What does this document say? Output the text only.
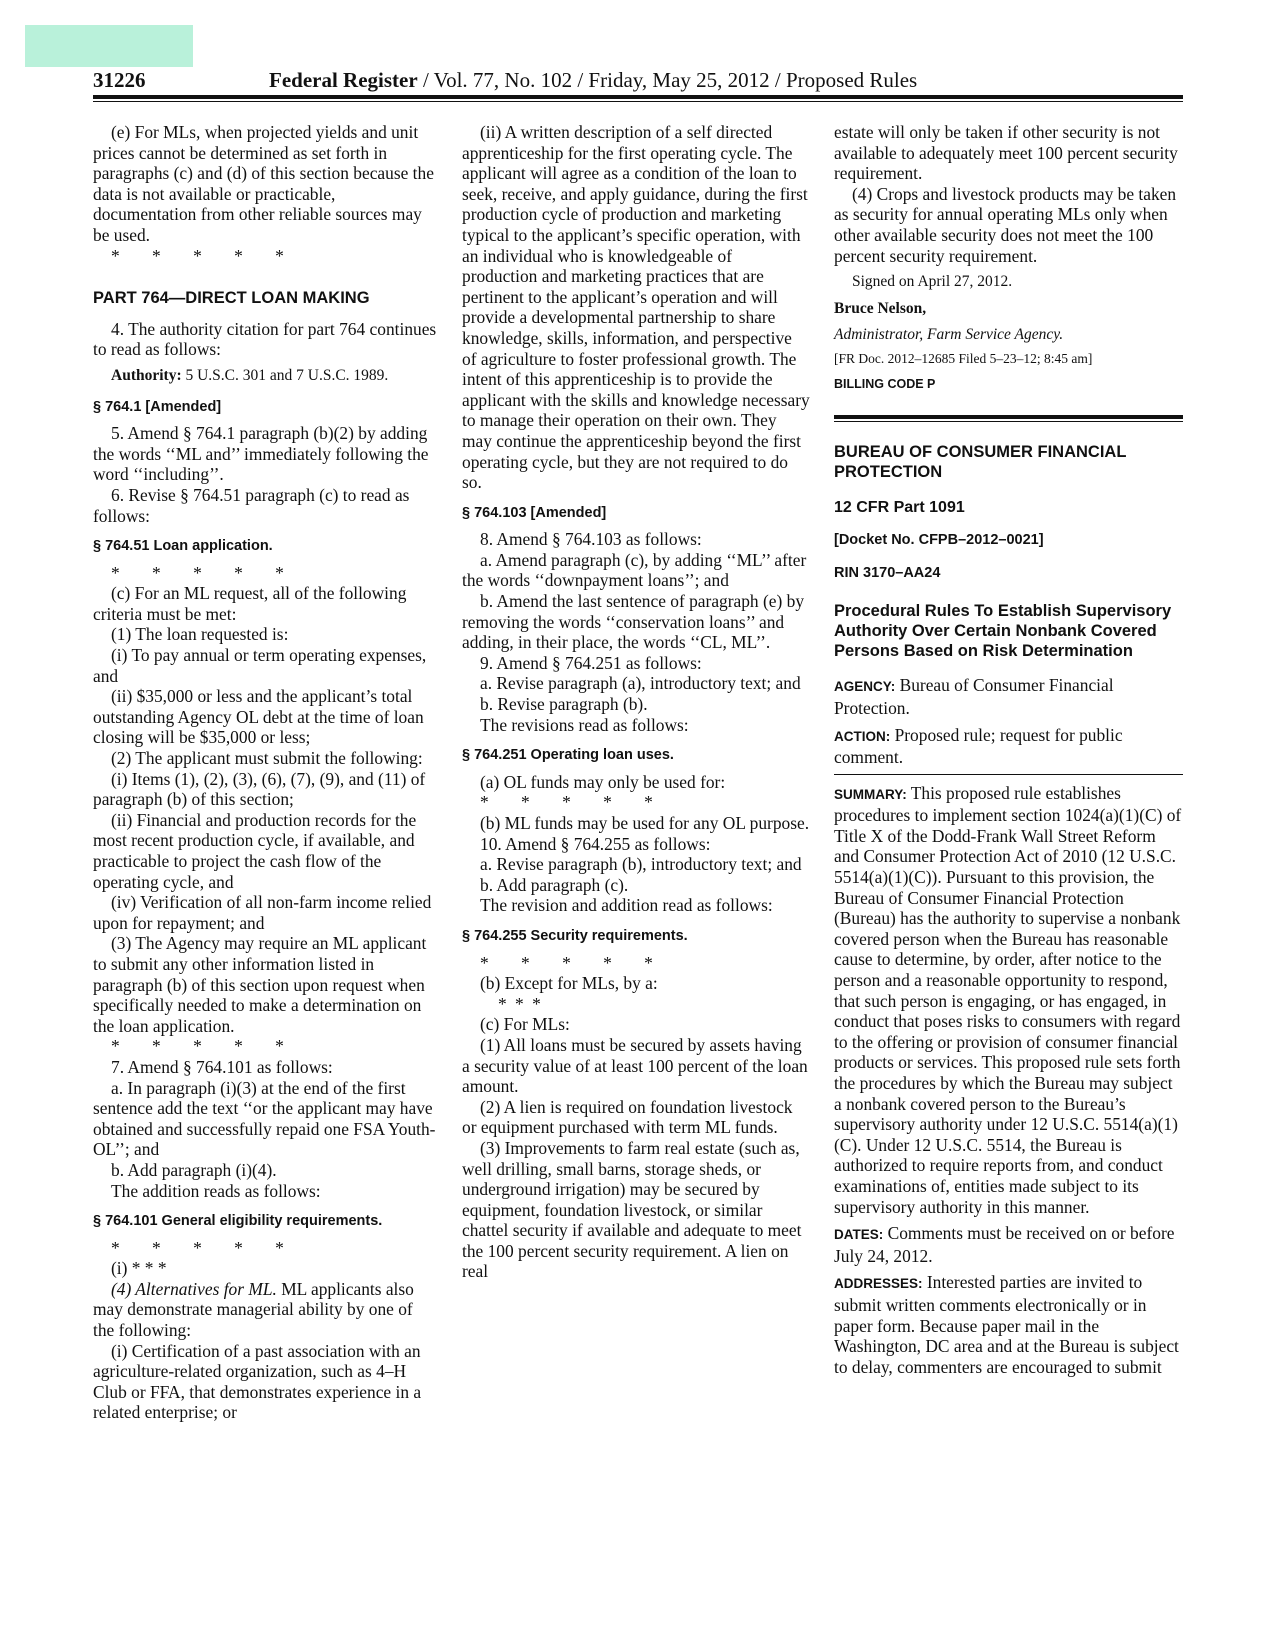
31226	Federal Register / Vol. 77, No. 102 / Friday, May 25, 2012 / Proposed Rules

(e) For MLs, when projected yields and unit prices cannot be determined as set forth in paragraphs (c) and (d) of this section because the data is not available or practicable, documentation from other reliable sources may be used.

* * * * *

PART 764—DIRECT LOAN MAKING

4. The authority citation for part 764 continues to read as follows:

Authority: 5 U.S.C. 301 and 7 U.S.C. 1989.

§ 764.1 [Amended]

5. Amend § 764.1 paragraph (b)(2) by adding the words ‘‘ML and’’ immediately following the word ‘‘including’’.

6. Revise § 764.51 paragraph (c) to read as follows:

§ 764.51 Loan application.

* * * * *

(c) For an ML request, all of the following criteria must be met:

(1) The loan requested is:

(i) To pay annual or term operating expenses, and

(ii) $35,000 or less and the applicant’s total outstanding Agency OL debt at the time of loan closing will be $35,000 or less;

(2) The applicant must submit the following:

(i) Items (1), (2), (3), (6), (7), (9), and (11) of paragraph (b) of this section;

(ii) Financial and production records for the most recent production cycle, if available, and practicable to project the cash flow of the operating cycle, and

(iv) Verification of all non-farm income relied upon for repayment; and

(3) The Agency may require an ML applicant to submit any other information listed in paragraph (b) of this section upon request when specifically needed to make a determination on the loan application.

* * * * *

7. Amend § 764.101 as follows:

a. In paragraph (i)(3) at the end of the first sentence add the text ‘‘or the applicant may have obtained and successfully repaid one FSA Youth-OL’’; and

b. Add paragraph (i)(4).

The addition reads as follows:

§ 764.101 General eligibility requirements.

* * * * *

(i) * * *

(4) Alternatives for ML. ML applicants also may demonstrate managerial ability by one of the following:

(i) Certification of a past association with an agriculture-related organization, such as 4–H Club or FFA, that demonstrates experience in a related enterprise; or

(ii) A written description of a self directed apprenticeship for the first operating cycle. The applicant will agree as a condition of the loan to seek, receive, and apply guidance, during the first production cycle of production and marketing typical to the applicant’s specific operation, with an individual who is knowledgeable of production and marketing practices that are pertinent to the applicant’s operation and will provide a developmental partnership to share knowledge, skills, information, and perspective of agriculture to foster professional growth. The intent of this apprenticeship is to provide the applicant with the skills and knowledge necessary to manage their operation on their own. They may continue the apprenticeship beyond the first operating cycle, but they are not required to do so.

§ 764.103 [Amended]

8. Amend § 764.103 as follows:

a. Amend paragraph (c), by adding ‘‘ML’’ after the words ‘‘downpayment loans’’; and

b. Amend the last sentence of paragraph (e) by removing the words ‘‘conservation loans’’ and adding, in their place, the words ‘‘CL, ML’’.

9. Amend § 764.251 as follows:

a. Revise paragraph (a), introductory text; and

b. Revise paragraph (b).

The revisions read as follows:

§ 764.251 Operating loan uses.

(a) OL funds may only be used for:

* * * * *

(b) ML funds may be used for any OL purpose.

10. Amend § 764.255 as follows:

a. Revise paragraph (b), introductory text; and

b. Add paragraph (c).

The revision and addition read as follows:

§ 764.255 Security requirements.

* * * * *

(b) Except for MLs, by a:

* * *

(c) For MLs:

(1) All loans must be secured by assets having a security value of at least 100 percent of the loan amount.

(2) A lien is required on foundation livestock or equipment purchased with term ML funds.

(3) Improvements to farm real estate (such as, well drilling, small barns, storage sheds, or underground irrigation) may be secured by equipment, foundation livestock, or similar chattel security if available and adequate to meet the 100 percent security requirement. A lien on real

estate will only be taken if other security is not available to adequately meet 100 percent security requirement.

(4) Crops and livestock products may be taken as security for annual operating MLs only when other available security does not meet the 100 percent security requirement.

Signed on April 27, 2012.

Bruce Nelson,

Administrator, Farm Service Agency.

[FR Doc. 2012–12685 Filed 5–23–12; 8:45 am]

BILLING CODE P

BUREAU OF CONSUMER FINANCIAL PROTECTION

12 CFR Part 1091

[Docket No. CFPB–2012–0021]

RIN 3170–AA24

Procedural Rules To Establish Supervisory Authority Over Certain Nonbank Covered Persons Based on Risk Determination

AGENCY: Bureau of Consumer Financial Protection.

ACTION: Proposed rule; request for public comment.

SUMMARY: This proposed rule establishes procedures to implement section 1024(a)(1)(C) of Title X of the Dodd-Frank Wall Street Reform and Consumer Protection Act of 2010 (12 U.S.C. 5514(a)(1)(C)). Pursuant to this provision, the Bureau of Consumer Financial Protection (Bureau) has the authority to supervise a nonbank covered person when the Bureau has reasonable cause to determine, by order, after notice to the person and a reasonable opportunity to respond, that such person is engaging, or has engaged, in conduct that poses risks to consumers with regard to the offering or provision of consumer financial products or services. This proposed rule sets forth the procedures by which the Bureau may subject a nonbank covered person to the Bureau’s supervisory authority under 12 U.S.C. 5514(a)(1)(C). Under 12 U.S.C. 5514, the Bureau is authorized to require reports from, and conduct examinations of, entities made subject to its supervisory authority in this manner.

DATES: Comments must be received on or before July 24, 2012.

ADDRESSES: Interested parties are invited to submit written comments electronically or in paper form. Because paper mail in the Washington, DC area and at the Bureau is subject to delay, commenters are encouraged to submit
